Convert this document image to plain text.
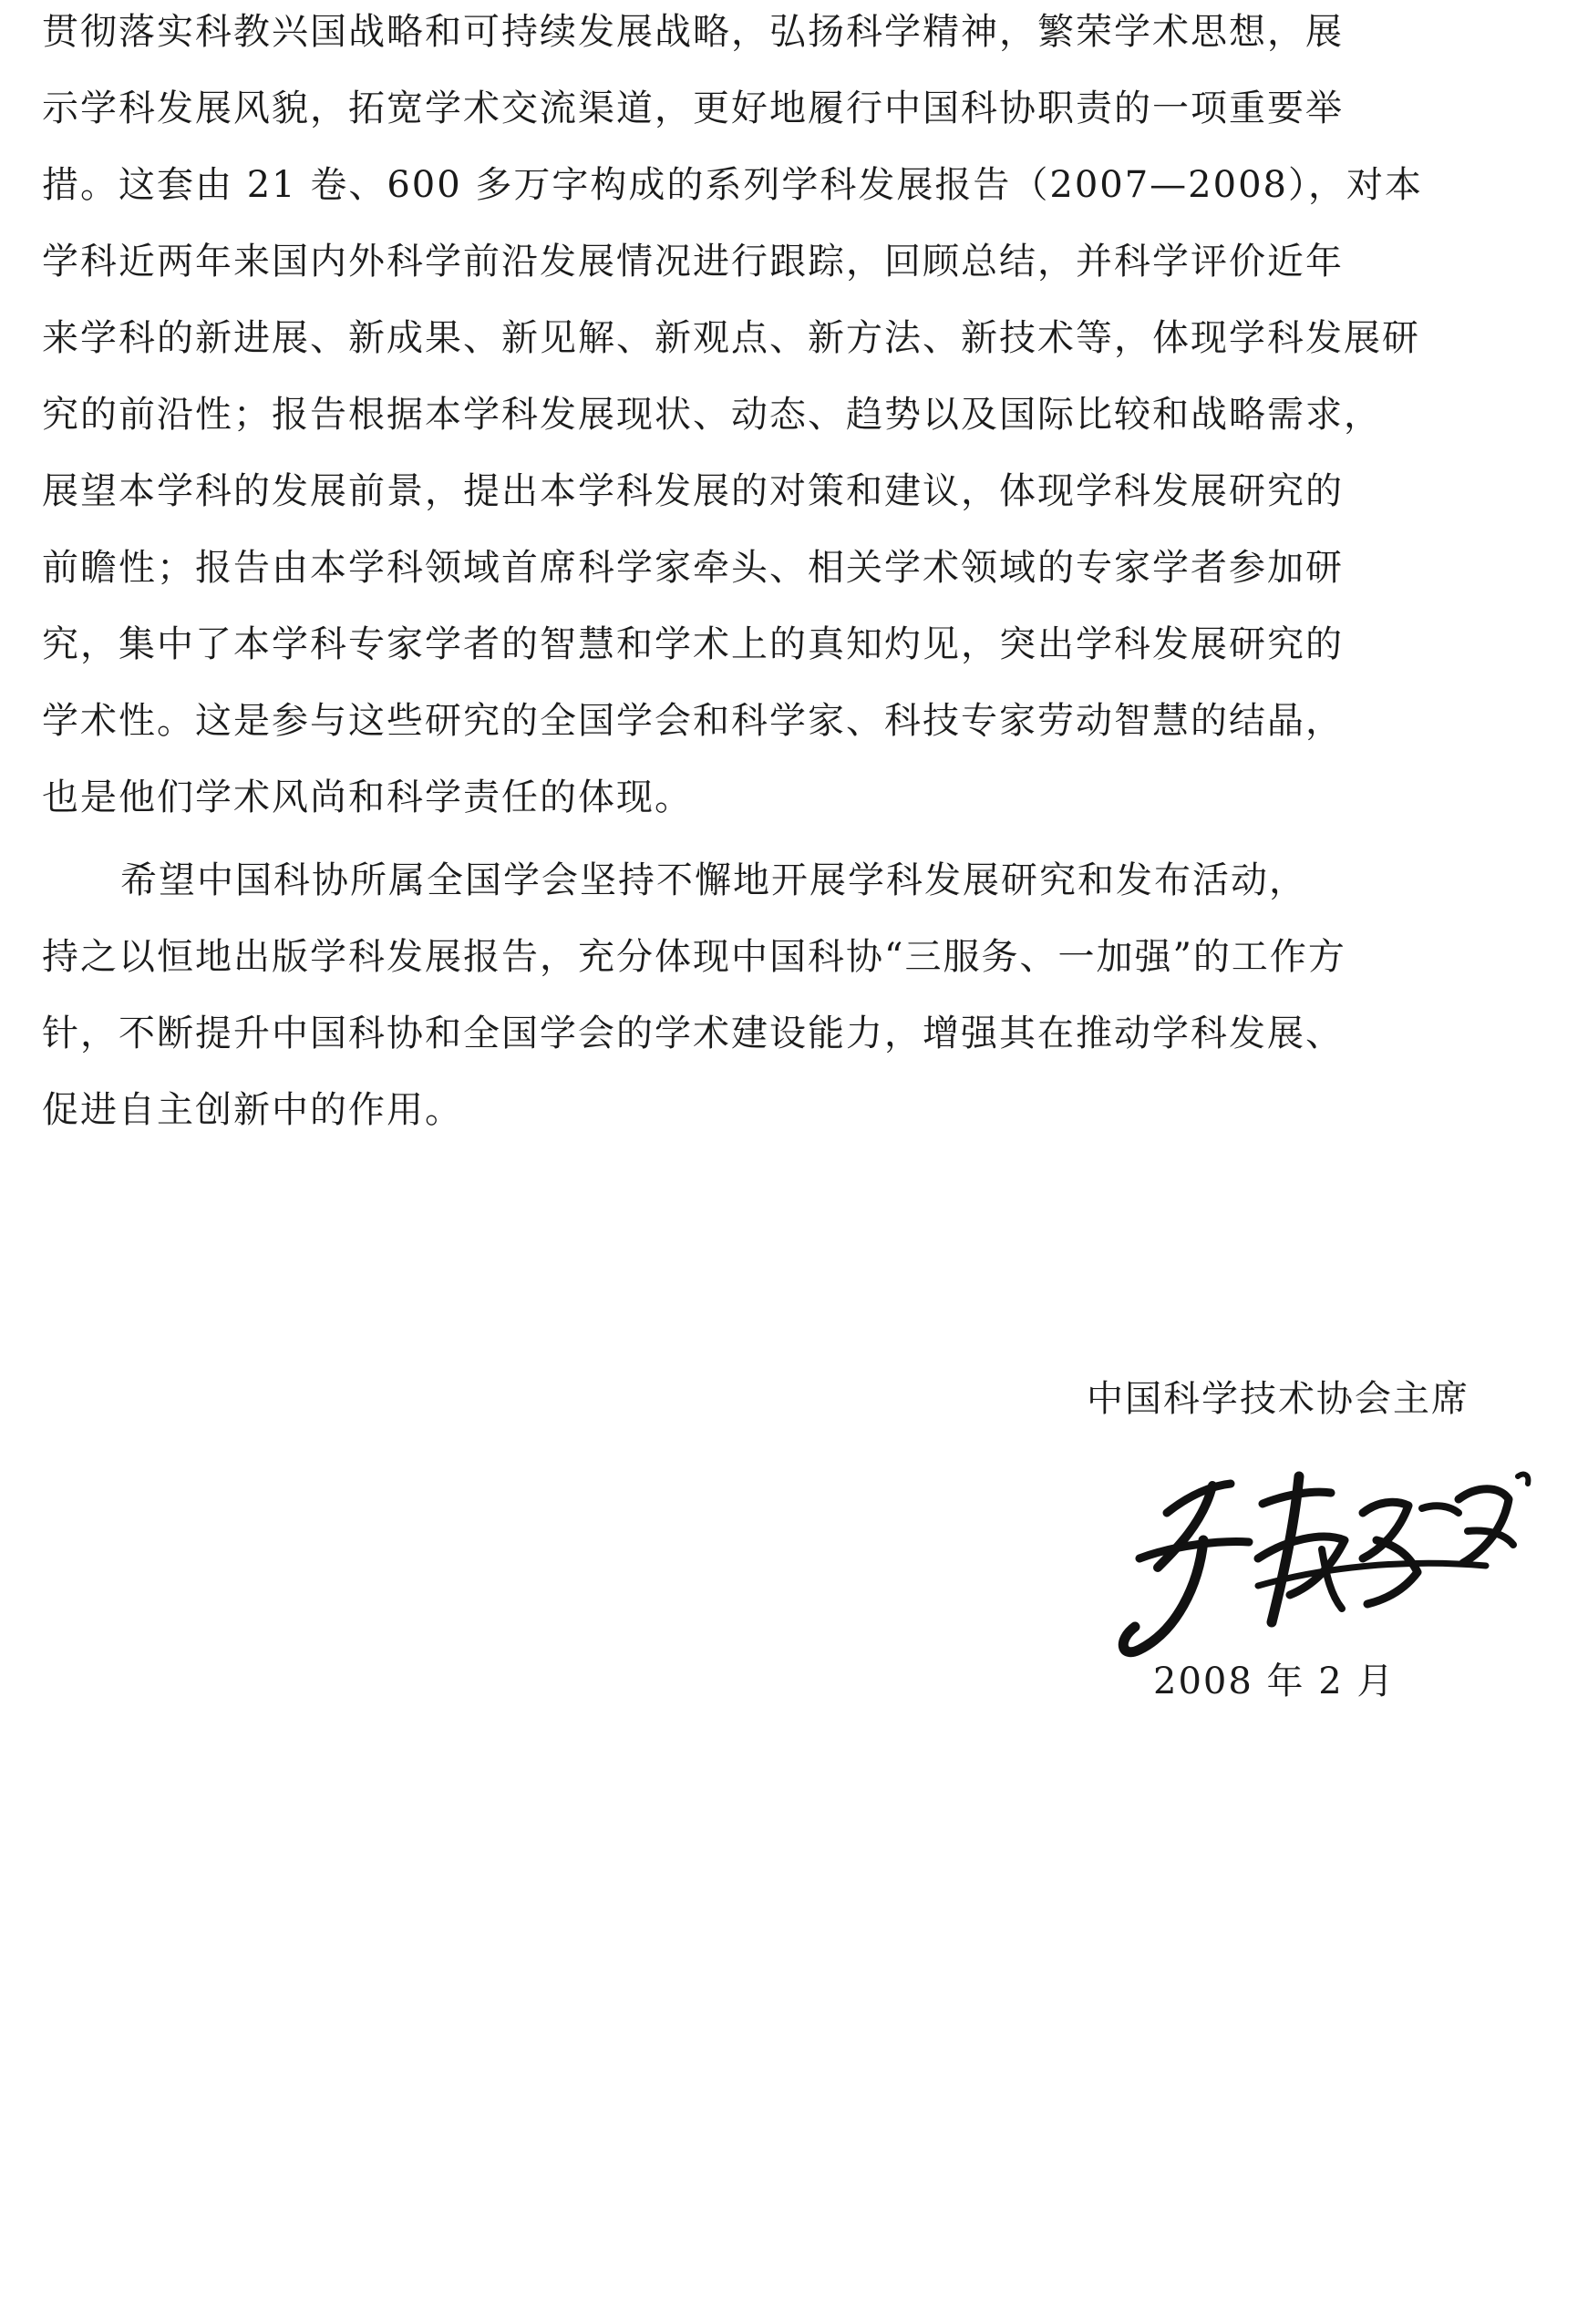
贯彻落实科教兴国战略和可持续发展战略，弘扬科学精神，繁荣学术思想，展
示学科发展风貌，拓宽学术交流渠道，更好地履行中国科协职责的一项重要举
措。这套由 21 卷、600 多万字构成的系列学科发展报告（2007—2008），对本
学科近两年来国内外科学前沿发展情况进行跟踪，回顾总结，并科学评价近年
来学科的新进展、新成果、新见解、新观点、新方法、新技术等，体现学科发展研
究的前沿性；报告根据本学科发展现状、动态、趋势以及国际比较和战略需求，
展望本学科的发展前景，提出本学科发展的对策和建议，体现学科发展研究的
前瞻性；报告由本学科领域首席科学家牵头、相关学术领域的专家学者参加研
究，集中了本学科专家学者的智慧和学术上的真知灼见，突出学科发展研究的
学术性。这是参与这些研究的全国学会和科学家、科技专家劳动智慧的结晶，
也是他们学术风尚和科学责任的体现。
希望中国科协所属全国学会坚持不懈地开展学科发展研究和发布活动，
持之以恒地出版学科发展报告，充分体现中国科协“三服务、一加强”的工作方
针，不断提升中国科协和全国学会的学术建设能力，增强其在推动学科发展、
促进自主创新中的作用。
中国科学技术协会主席
2008 年 2 月
